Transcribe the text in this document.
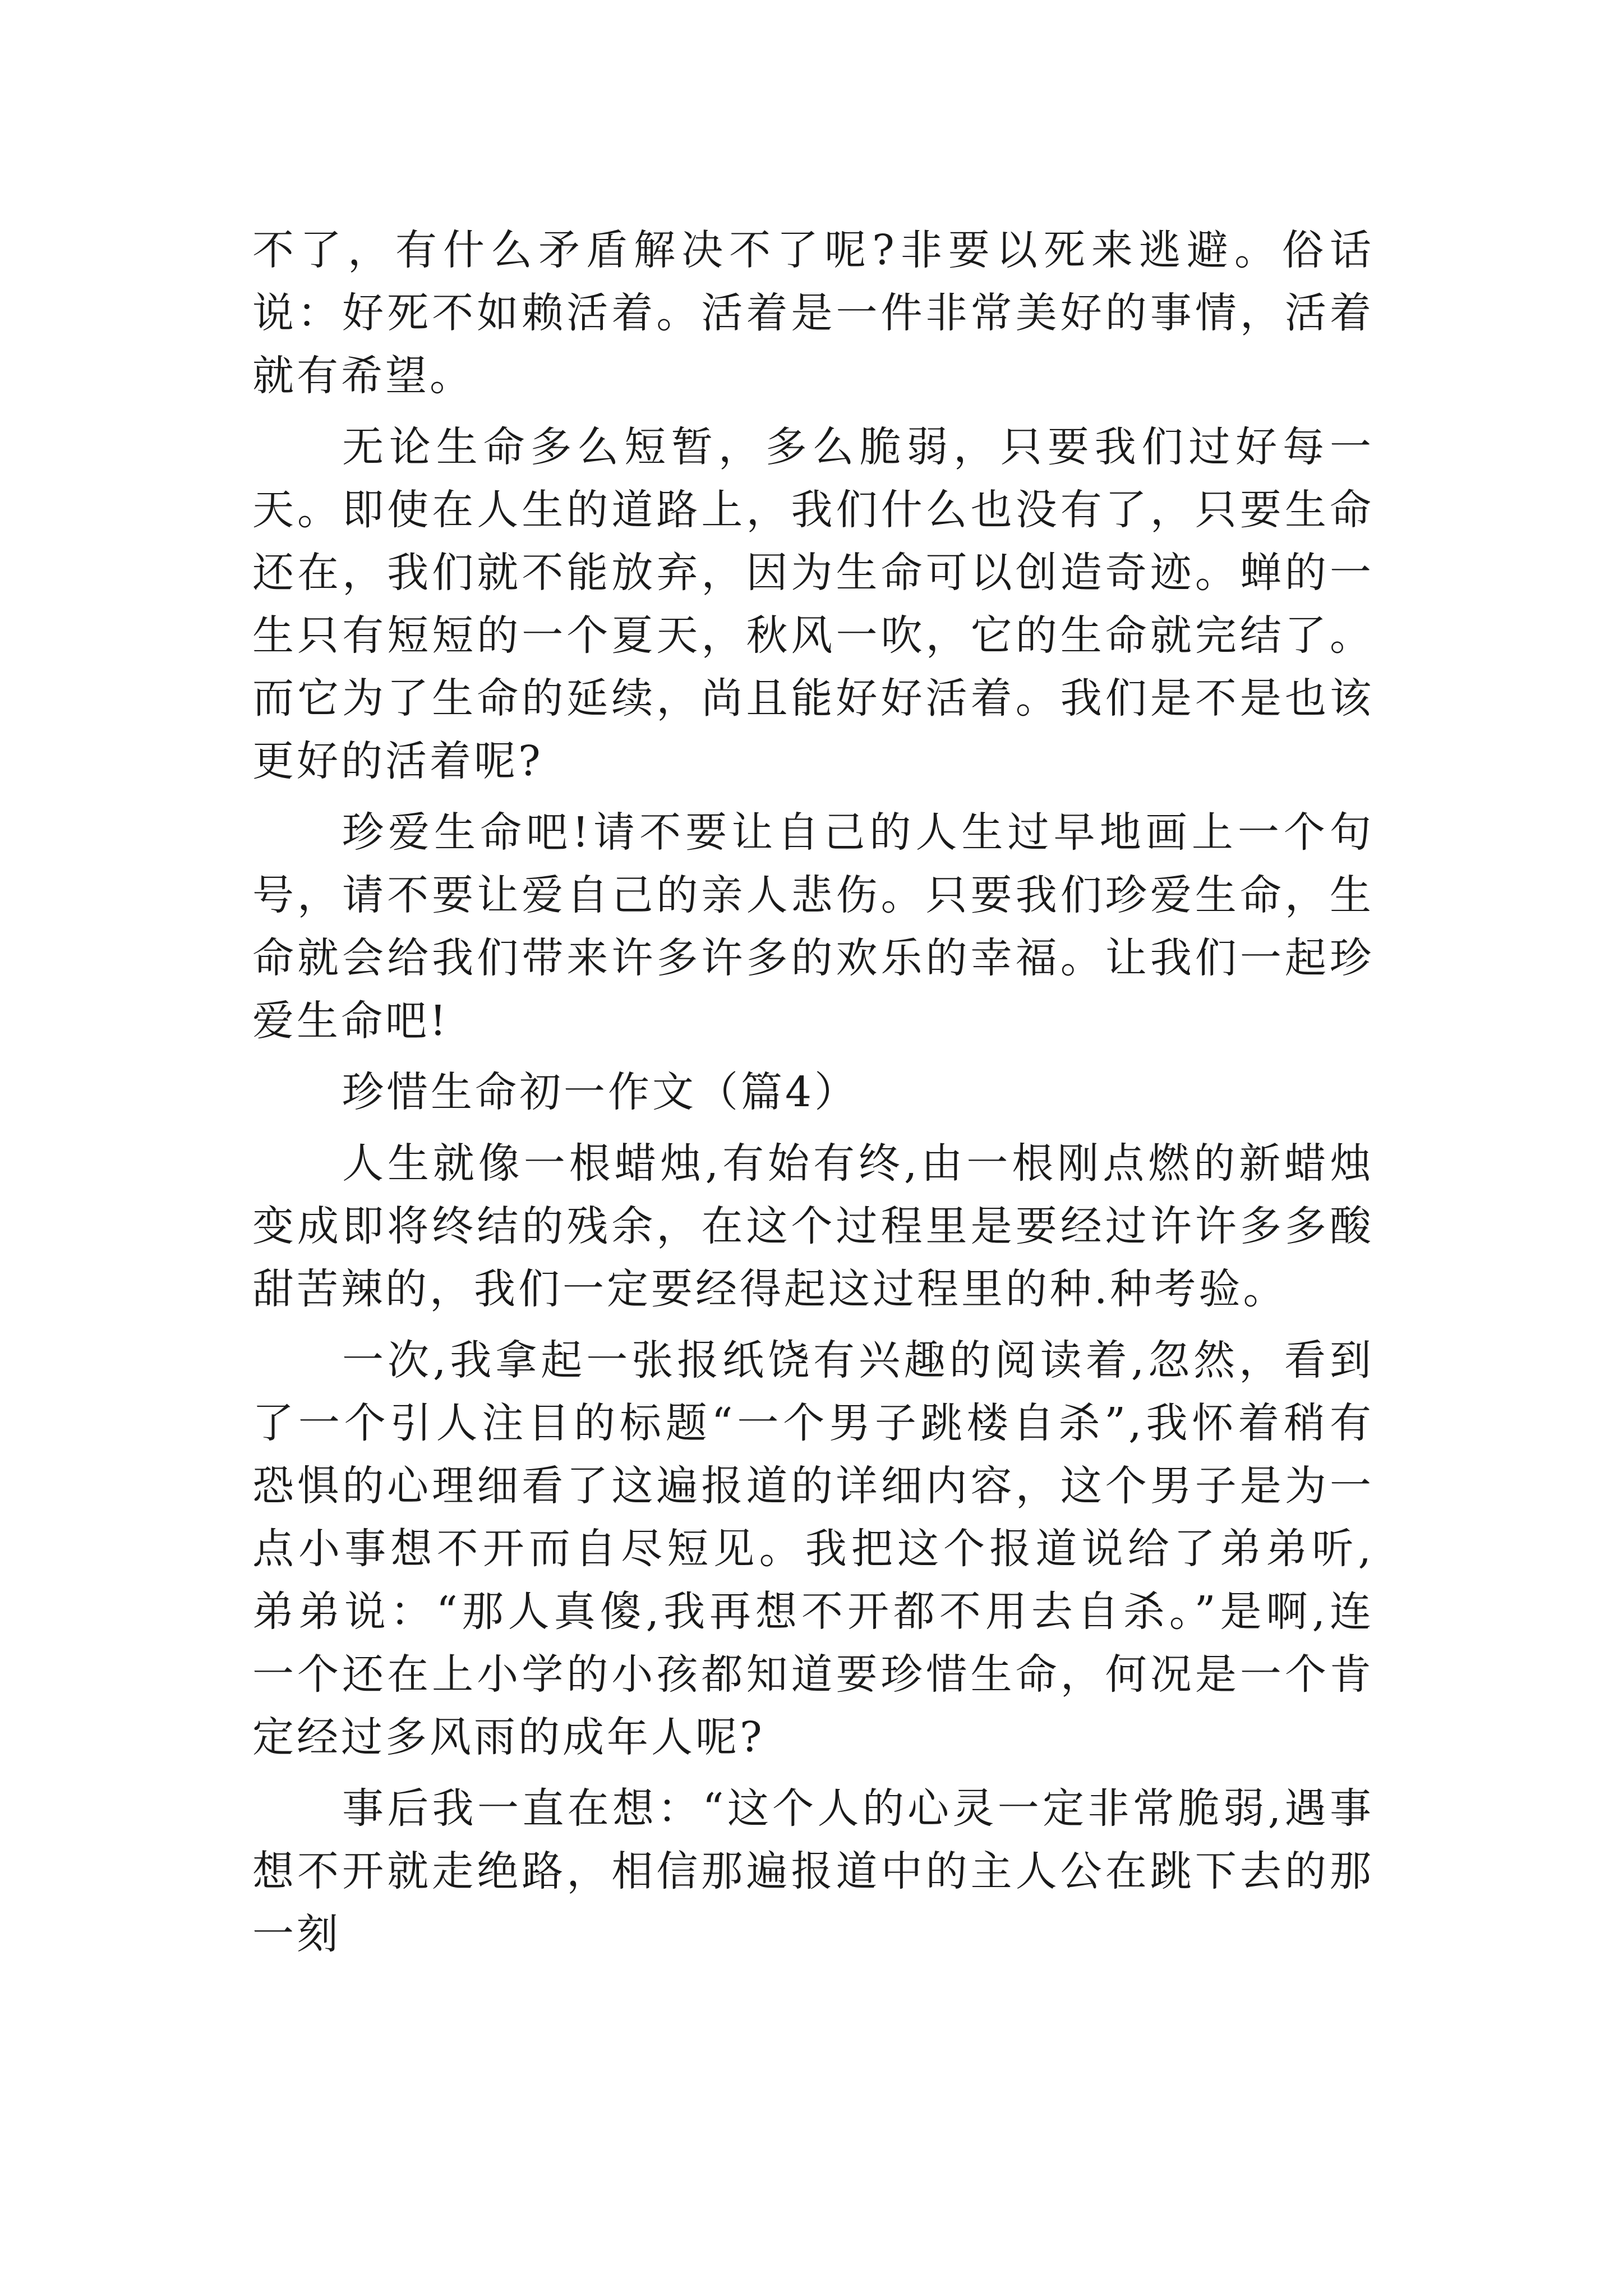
不了，有什么矛盾解决不了呢?非要以死来逃避。俗话说：好死不如赖活着。活着是一件非常美好的事情，活着就有希望。

无论生命多么短暂，多么脆弱，只要我们过好每一天。即使在人生的道路上，我们什么也没有了，只要生命还在，我们就不能放弃，因为生命可以创造奇迹。蝉的一生只有短短的一个夏天，秋风一吹，它的生命就完结了。而它为了生命的延续，尚且能好好活着。我们是不是也该更好的活着呢?

珍爱生命吧!请不要让自己的人生过早地画上一个句号，请不要让爱自己的亲人悲伤。只要我们珍爱生命，生命就会给我们带来许多许多的欢乐的幸福。让我们一起珍爱生命吧!

珍惜生命初一作文（篇4）

人生就像一根蜡烛,有始有终,由一根刚点燃的新蜡烛变成即将终结的残余，在这个过程里是要经过许许多多酸甜苦辣的，我们一定要经得起这过程里的种.种考验。

一次,我拿起一张报纸饶有兴趣的阅读着,忽然，看到了一个引人注目的标题“一个男子跳楼自杀”,我怀着稍有恐惧的心理细看了这遍报道的详细内容，这个男子是为一点小事想不开而自尽短见。我把这个报道说给了弟弟听,弟弟说：“那人真傻,我再想不开都不用去自杀。”是啊,连一个还在上小学的小孩都知道要珍惜生命，何况是一个肯定经过多风雨的成年人呢?

事后我一直在想：“这个人的心灵一定非常脆弱,遇事想不开就走绝路，相信那遍报道中的主人公在跳下去的那一刻
